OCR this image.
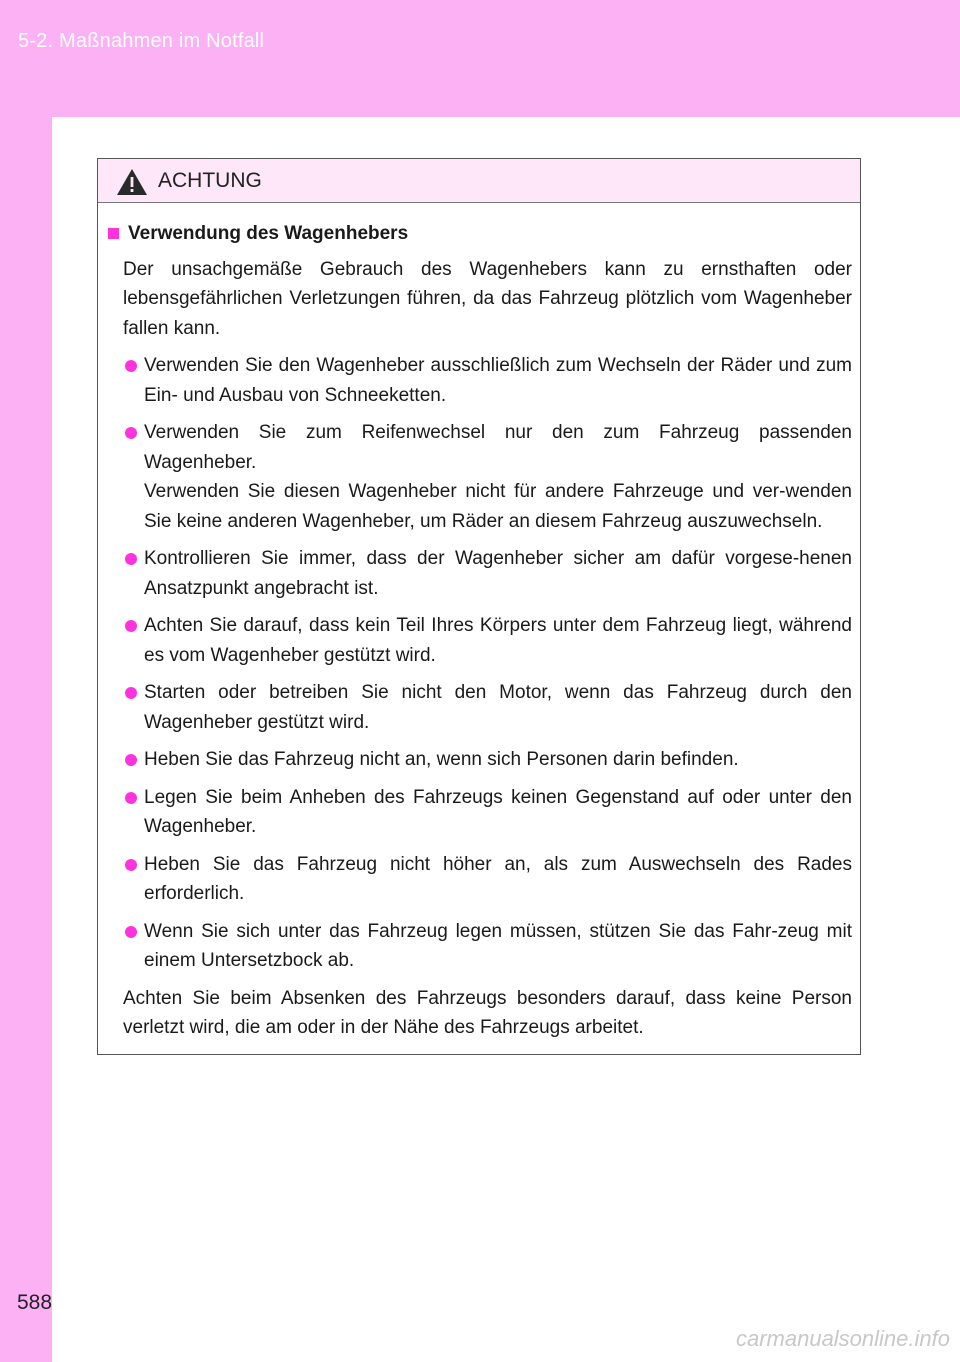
5-2. Maßnahmen im Notfall
ACHTUNG
Verwendung des Wagenhebers

Der unsachgemäße Gebrauch des Wagenhebers kann zu ernsthaften oder lebensgefährlichen Verletzungen führen, da das Fahrzeug plötzlich vom Wagenheber fallen kann.

Verwenden Sie den Wagenheber ausschließlich zum Wechseln der Räder und zum Ein- und Ausbau von Schneeketten.
Verwenden Sie zum Reifenwechsel nur den zum Fahrzeug passenden Wagenheber.
Verwenden Sie diesen Wagenheber nicht für andere Fahrzeuge und ver-wenden Sie keine anderen Wagenheber, um Räder an diesem Fahrzeug auszuwechseln.
Kontrollieren Sie immer, dass der Wagenheber sicher am dafür vorgese-henen Ansatzpunkt angebracht ist.
Achten Sie darauf, dass kein Teil Ihres Körpers unter dem Fahrzeug liegt, während es vom Wagenheber gestützt wird.
Starten oder betreiben Sie nicht den Motor, wenn das Fahrzeug durch den Wagenheber gestützt wird.
Heben Sie das Fahrzeug nicht an, wenn sich Personen darin befinden.
Legen Sie beim Anheben des Fahrzeugs keinen Gegenstand auf oder unter den Wagenheber.
Heben Sie das Fahrzeug nicht höher an, als zum Auswechseln des Rades erforderlich.
Wenn Sie sich unter das Fahrzeug legen müssen, stützen Sie das Fahr-zeug mit einem Untersetzbock ab.

Achten Sie beim Absenken des Fahrzeugs besonders darauf, dass keine Person verletzt wird, die am oder in der Nähe des Fahrzeugs arbeitet.

588
carmanualsonline.info
